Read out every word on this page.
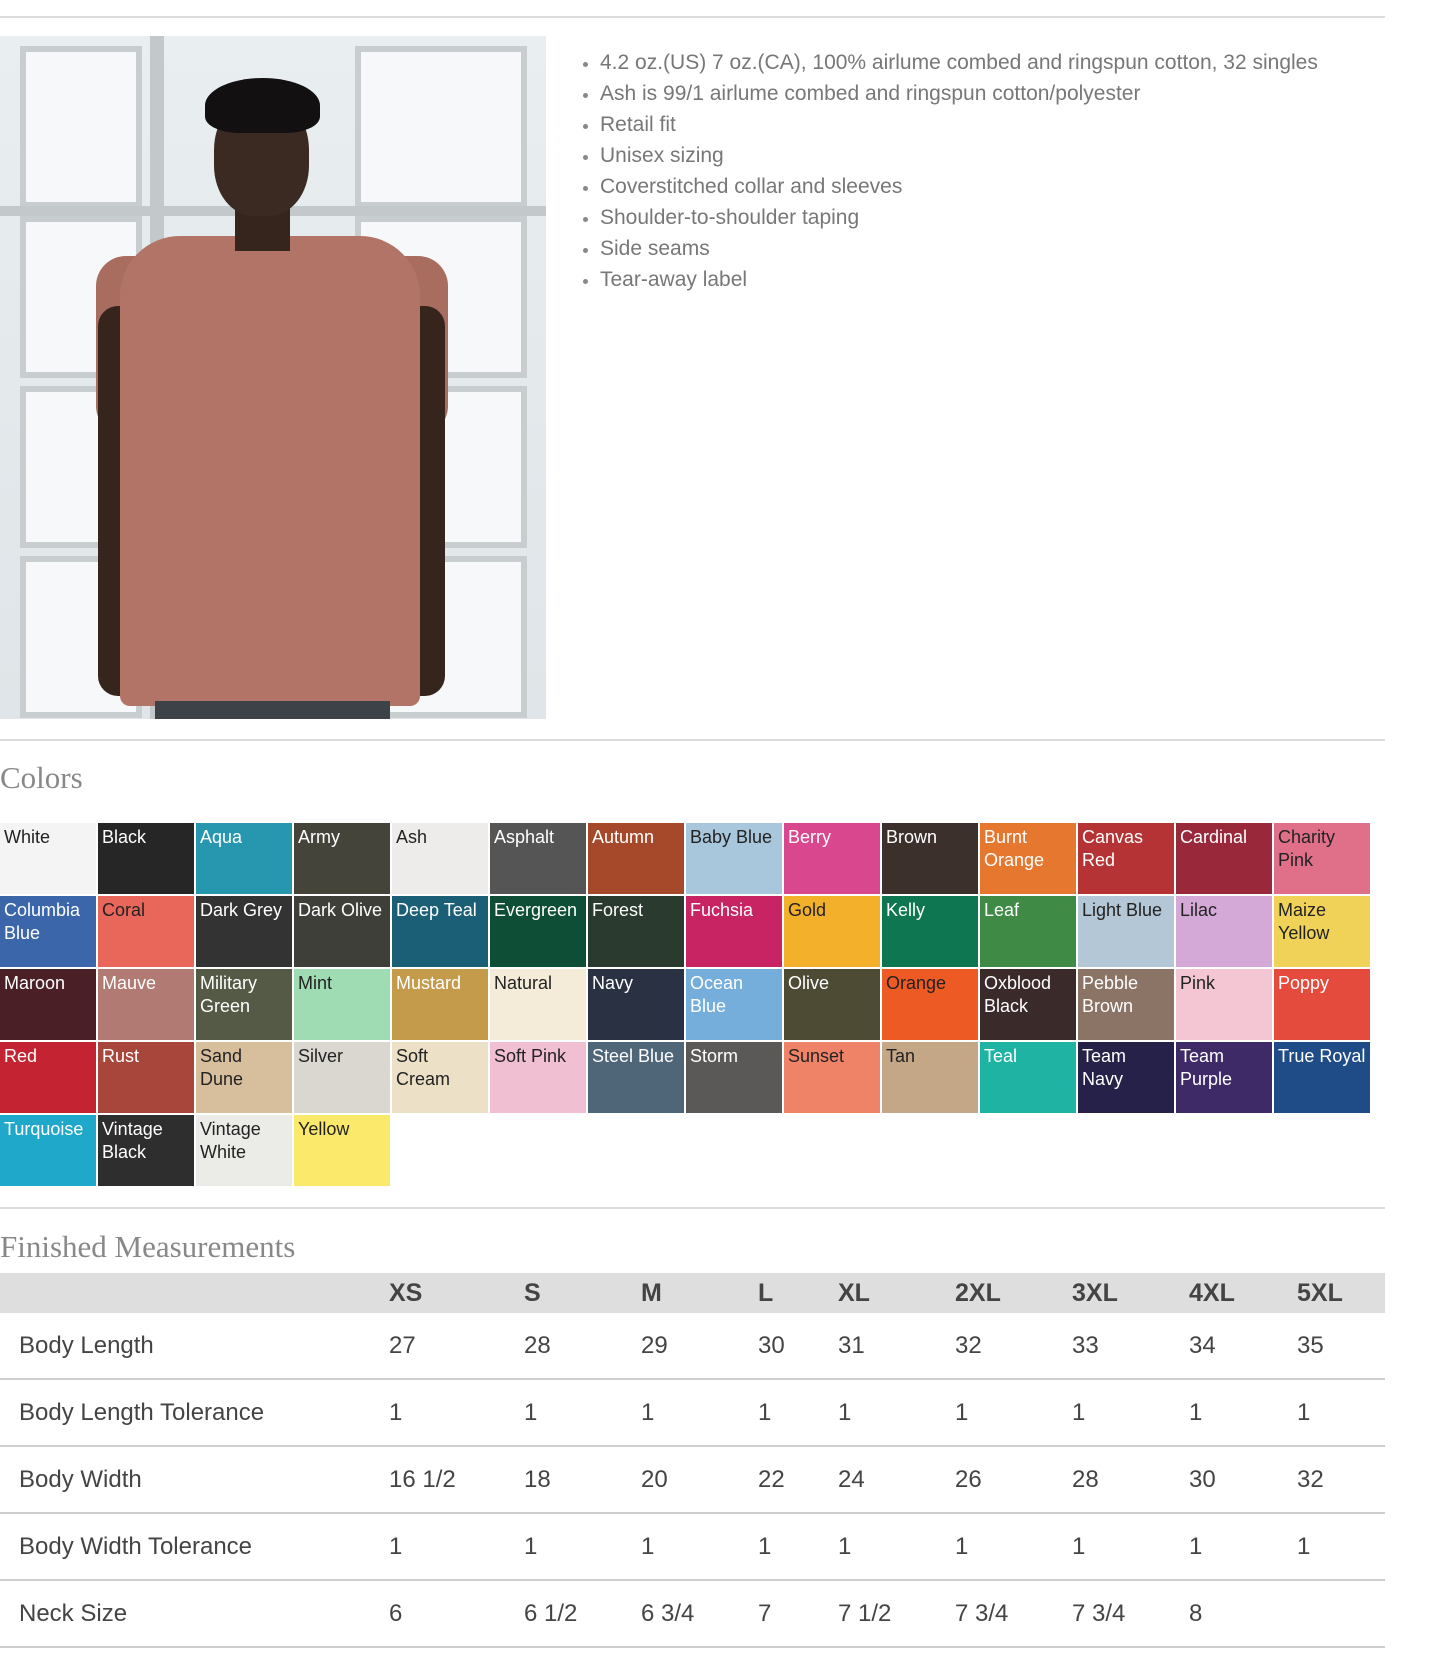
• 4.2 oz.(US) 7 oz.(CA), 100% airlume combed and ringspun cotton, 32 singles
• Ash is 99/1 airlume combed and ringspun cotton/polyester
• Retail fit
• Unisex sizing
• Coverstitched collar and sleeves
• Shoulder-to-shoulder taping
• Side seams
• Tear-away label
Colors
White	Black	Aqua	Army	Ash	Asphalt	Autumn	Baby Blue Berry	Brown	Burnt Orange
Canvas Red
Cardinal	Charity Pink
Columbia Blue
Coral	Dark Grey Dark Olive Deep Teal Evergreen Forest	Fuchsia	Gold	Kelly	Leaf	Light Blue Lilac	Maize Yellow
Maroon	Mauve	Military Green
Mint	Mustard	Natural	Navy	Ocean Blue
Olive	Orange	Oxblood Black
Pebble Brown
Pink	Poppy
Red	Rust	Sand Dune
Silver	Soft Cream
Soft Pink	Steel Blue Storm	Sunset	Tan	Teal	Team Navy
Team Purple
True Royal
Turquoise	Vintage Black
Vintage White
Yellow
Finished Measurements
	XS	S	M	L	XL	2XL	3XL	4XL	5XL
Body Length	27	28	29	30	31	32	33	34	35
Body Length Tolerance	1	1	1	1	1	1	1	1	1
Body Width	16 1/2	18	20	22	24	26	28	30	32
Body Width Tolerance	1	1	1	1	1	1	1	1	1
Neck Size	6	6 1/2	6 3/4	7	7 1/2	7 3/4	7 3/4	8	
